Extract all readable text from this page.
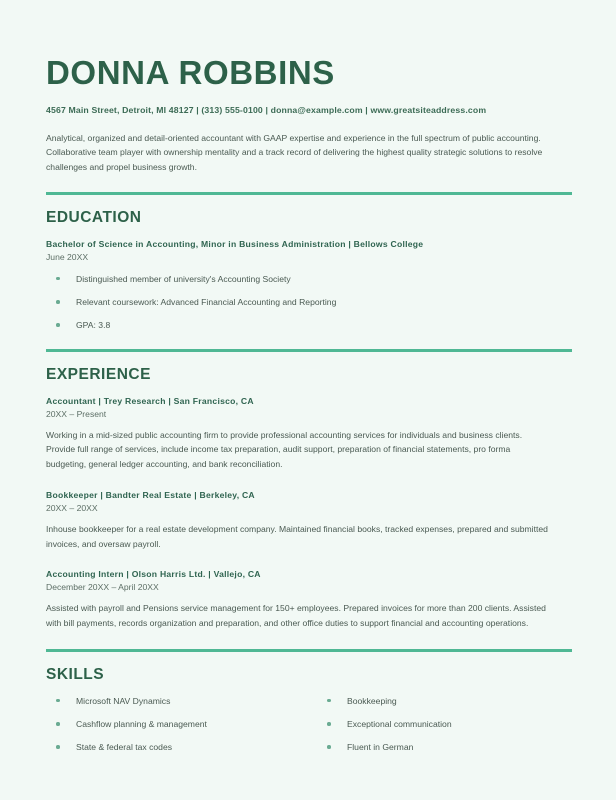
DONNA ROBBINS
4567 Main Street, Detroit, MI 48127 | (313) 555-0100 | donna@example.com | www.greatsiteaddress.com

Analytical, organized and detail-oriented accountant with GAAP expertise and experience in the full spectrum of public accounting. Collaborative team player with ownership mentality and a track record of delivering the highest quality strategic solutions to resolve challenges and propel business growth.

EDUCATION
Bachelor of Science in Accounting, Minor in Business Administration | Bellows College
June 20XX
Distinguished member of university's Accounting Society
Relevant coursework: Advanced Financial Accounting and Reporting
GPA: 3.8
EXPERIENCE
Accountant | Trey Research | San Francisco, CA
20XX – Present

Working in a mid-sized public accounting firm to provide professional accounting services for individuals and business clients. Provide full range of services, include income tax preparation, audit support, preparation of financial statements, pro forma budgeting, general ledger accounting, and bank reconciliation.

Bookkeeper | Bandter Real Estate | Berkeley, CA
20XX – 20XX

Inhouse bookkeeper for a real estate development company. Maintained financial books, tracked expenses, prepared and submitted invoices, and oversaw payroll.

Accounting Intern | Olson Harris Ltd. | Vallejo, CA
December 20XX – April 20XX

Assisted with payroll and Pensions service management for 150+ employees. Prepared invoices for more than 200 clients. Assisted with bill payments, records organization and preparation, and other office duties to support financial and accounting operations.

SKILLS
Microsoft NAV Dynamics
Cashflow planning & management
State & federal tax codes
Bookkeeping
Exceptional communication
Fluent in German
